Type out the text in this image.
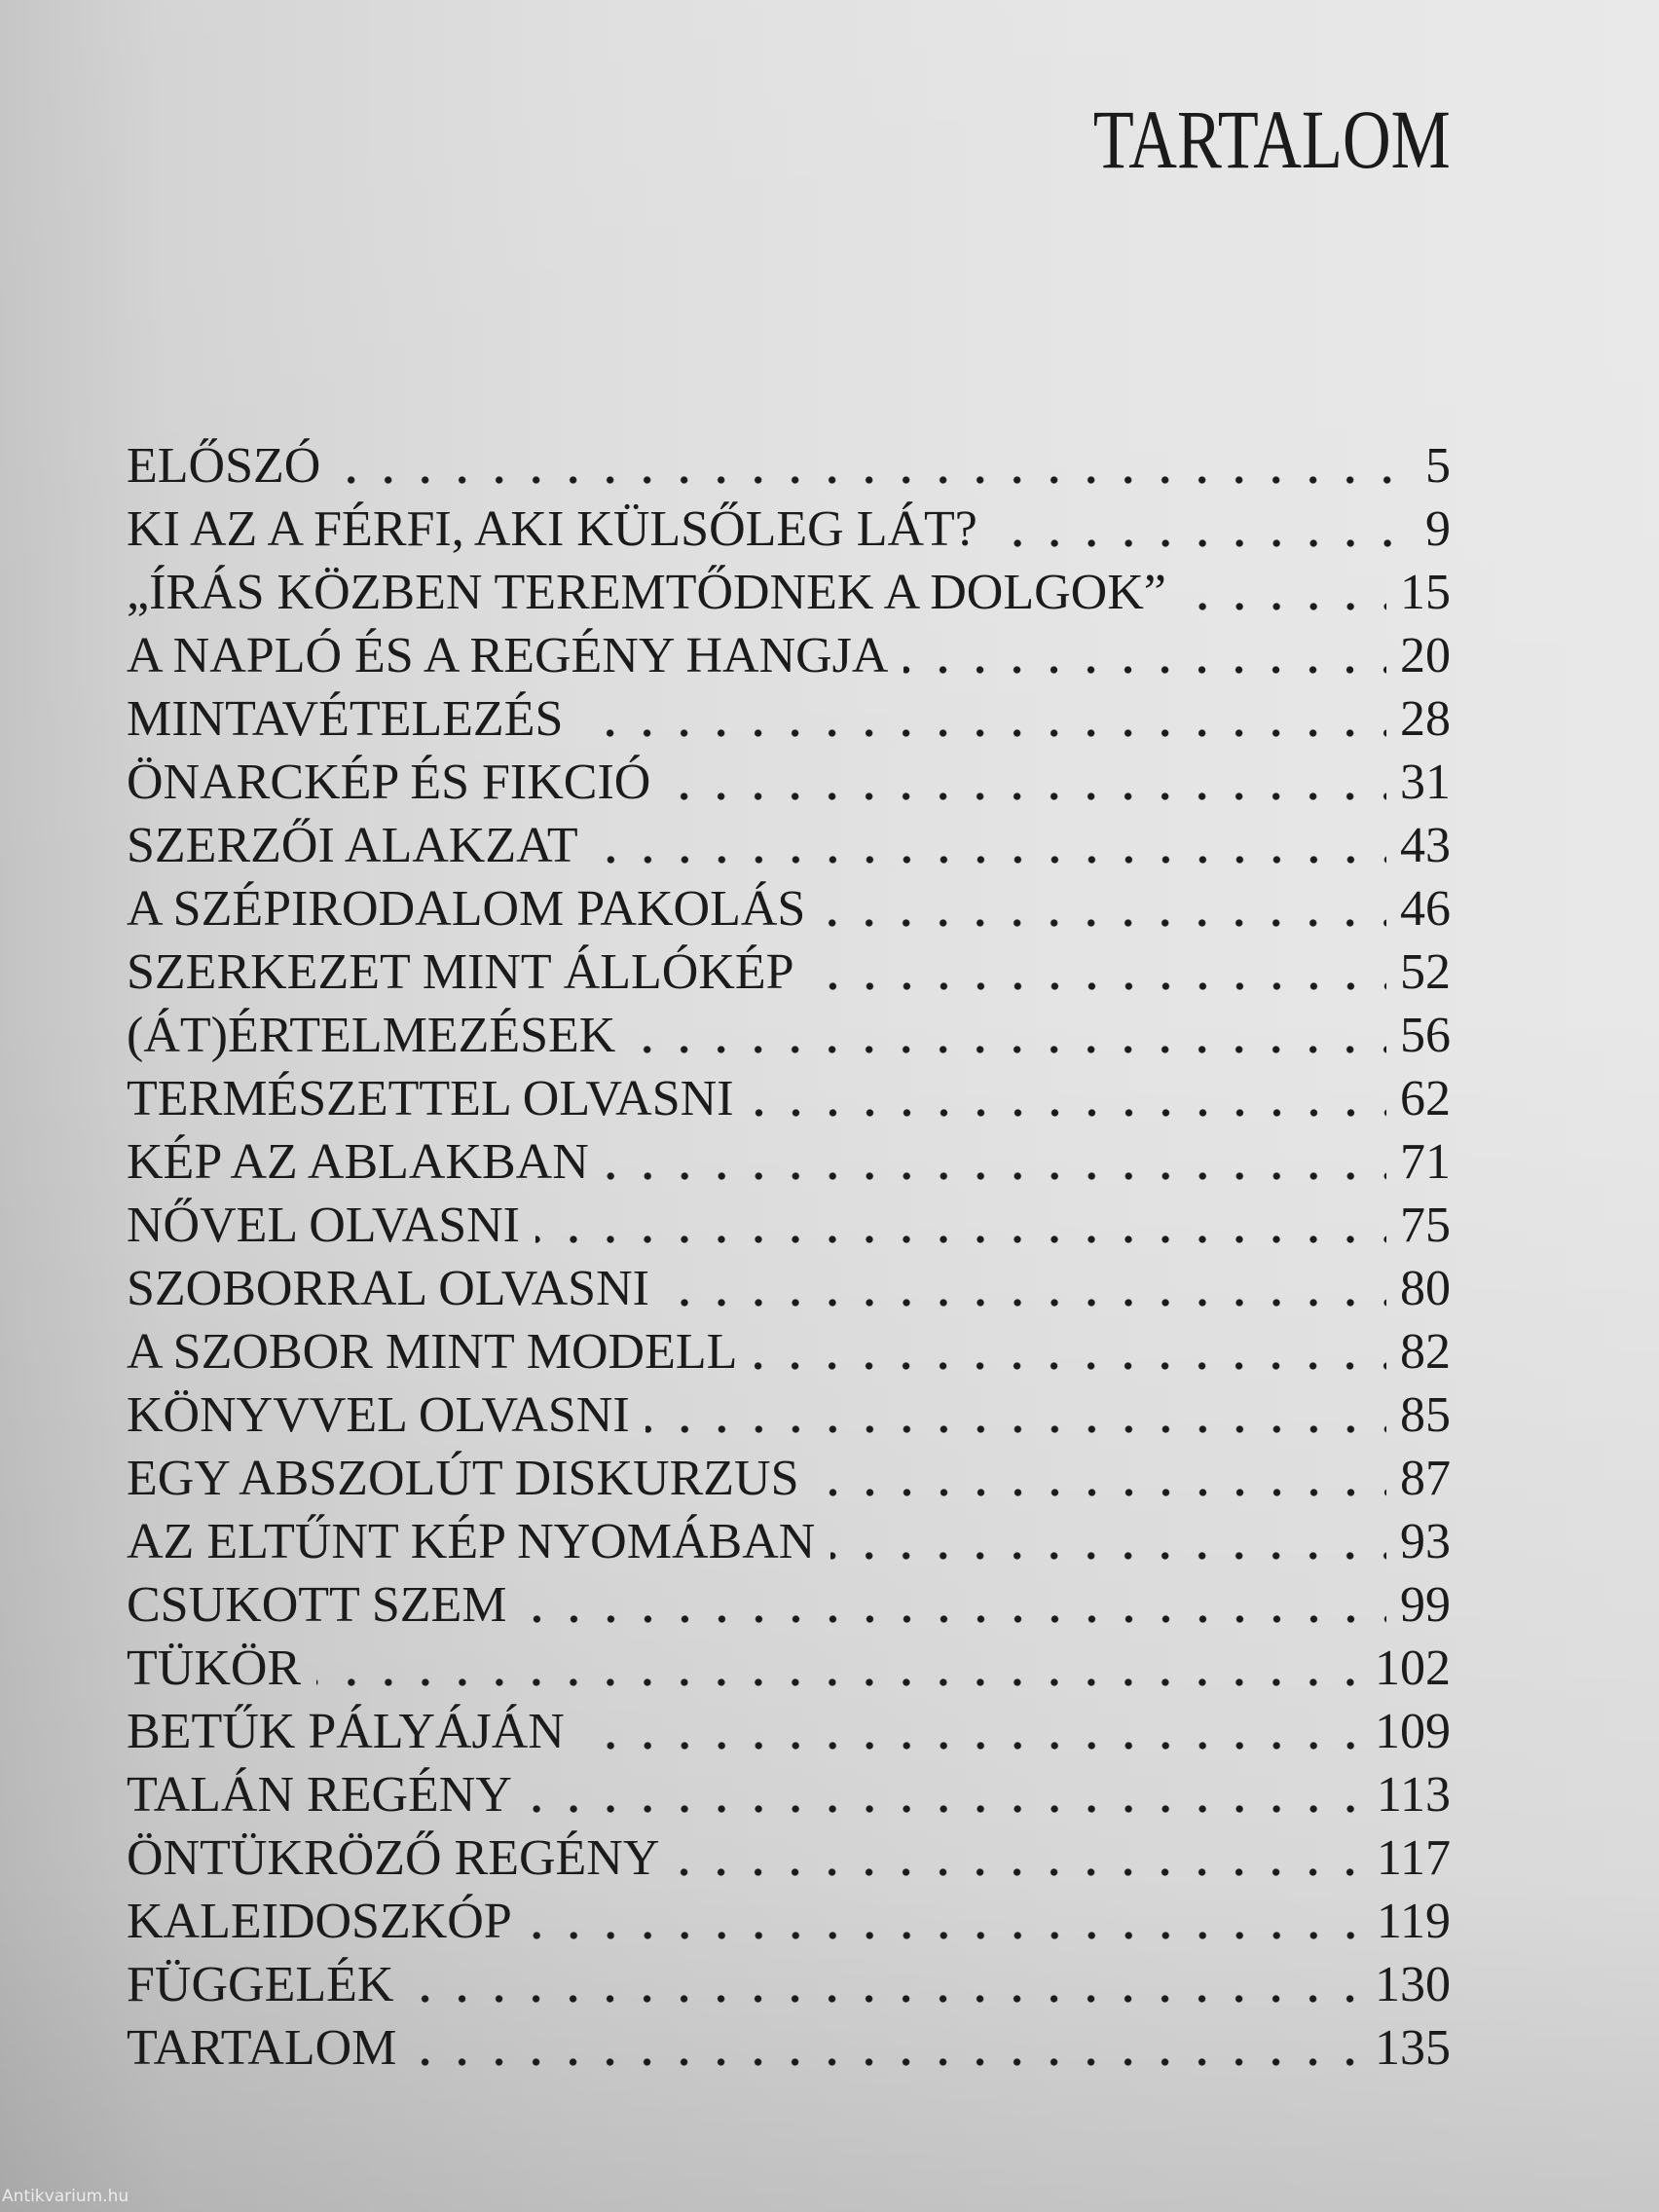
TARTALOM
ELŐSZÓ	5
KI AZ A FÉRFI, AKI KÜLSŐLEG LÁT?	9
„ÍRÁS KÖZBEN TEREMTŐDNEK A DOLGOK”	15
A NAPLÓ ÉS A REGÉNY HANGJA	20
MINTAVÉTELEZÉS	28
ÖNARCKÉP ÉS FIKCIÓ	31
SZERZŐI ALAKZAT	43
A SZÉPIRODALOM PAKOLÁS	46
SZERKEZET MINT ÁLLÓKÉP	52
(ÁT)ÉRTELMEZÉSEK	56
TERMÉSZETTEL OLVASNI	62
KÉP AZ ABLAKBAN	71
NŐVEL OLVASNI	75
SZOBORRAL OLVASNI	80
A SZOBOR MINT MODELL	82
KÖNYVVEL OLVASNI	85
EGY ABSZOLÚT DISKURZUS	87
AZ ELTŰNT KÉP NYOMÁBAN	93
CSUKOTT SZEM	99
TÜKÖR	102
BETŰK PÁLYÁJÁN	109
TALÁN REGÉNY	113
ÖNTÜKRÖZŐ REGÉNY	117
KALEIDOSZKÓP	119
FÜGGELÉK	130
TARTALOM	135
Antikvarium.hu
